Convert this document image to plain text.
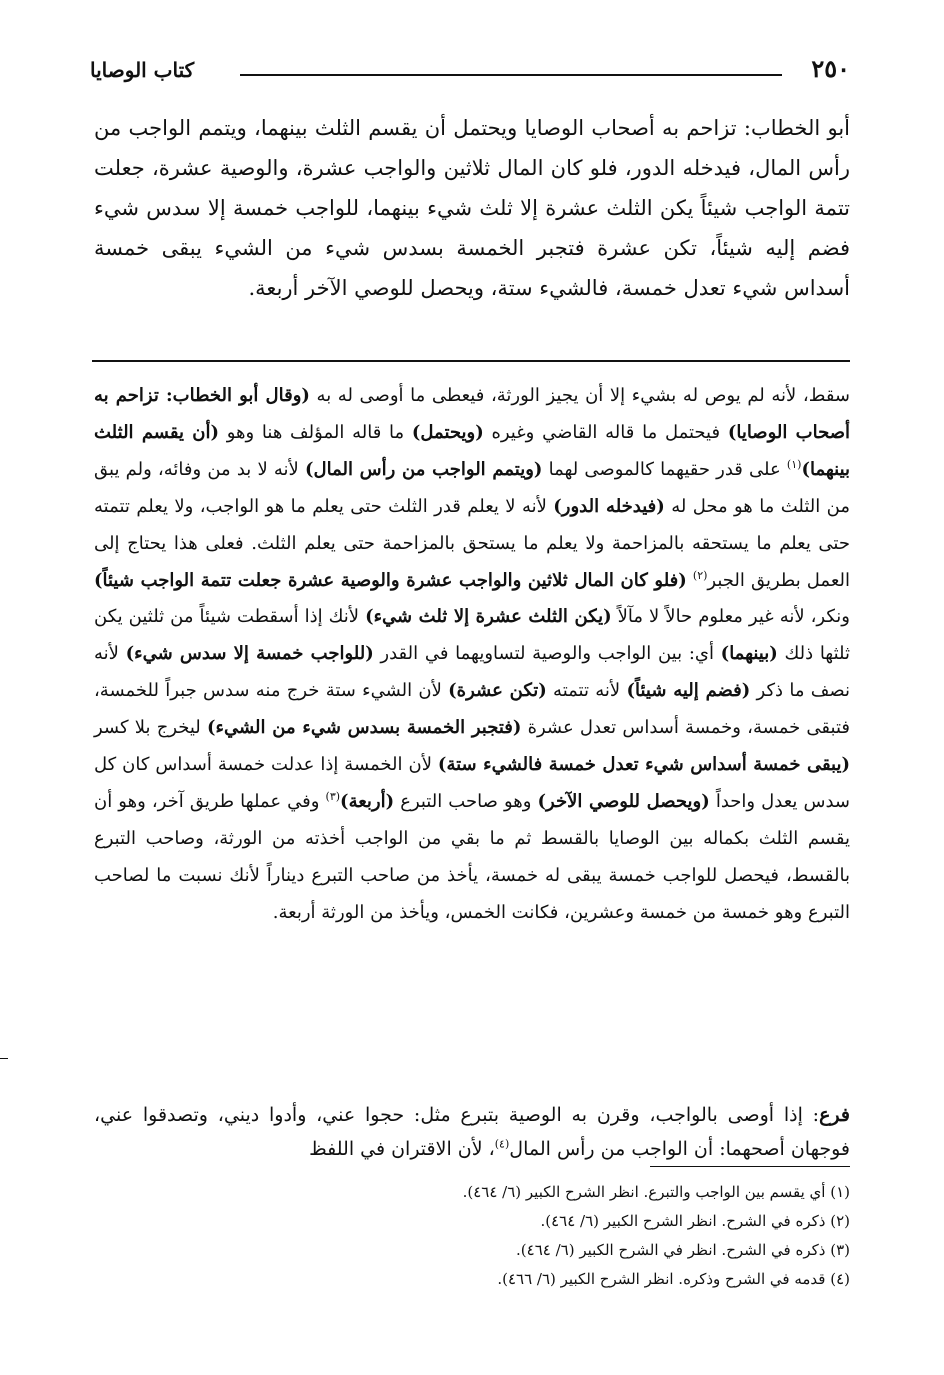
٢٥٠
كتاب الوصايا
أبو الخطاب: تزاحم به أصحاب الوصايا ويحتمل أن يقسم الثلث بينهما، ويتمم الواجب من رأس المال، فيدخله الدور، فلو كان المال ثلاثين والواجب عشرة، والوصية عشرة، جعلت تتمة الواجب شيئاً يكن الثلث عشرة إلا ثلث شيء بينهما، للواجب خمسة إلا سدس شيء فضم إليه شيئاً، تكن عشرة فتجبر الخمسة بسدس شيء من الشيء يبقى خمسة أسداس شيء تعدل خمسة، فالشيء ستة، ويحصل للوصي الآخر أربعة.
سقط، لأنه لم يوص له بشيء إلا أن يجيز الورثة، فيعطى ما أوصى له به (وقال أبو الخطاب: تزاحم به أصحاب الوصايا) فيحتمل ما قاله القاضي وغيره (ويحتمل) ما قاله المؤلف هنا وهو (أن يقسم الثلث بينهما)$^{(١)}$ على قدر حقيهما كالموصى لهما (ويتمم الواجب من رأس المال) لأنه لا بد من وفائه، ولم يبق من الثلث ما هو محل له (فيدخله الدور) لأنه لا يعلم قدر الثلث حتى يعلم ما هو الواجب، ولا يعلم تتمته حتى يعلم ما يستحقه بالمزاحمة ولا يعلم ما يستحق بالمزاحمة حتى يعلم الثلث. فعلى هذا يحتاج إلى العمل بطريق الجبر$^{(٢)}$ (فلو كان المال ثلاثين والواجب عشرة والوصية عشرة جعلت تتمة الواجب شيئاً) ونكر، لأنه غير معلوم حالاً لا مآلاً (يكن الثلث عشرة إلا ثلث شيء) لأنك إذا أسقطت شيئاً من ثلثين يكن ثلثها ذلك (بينهما) أي: بين الواجب والوصية لتساويهما في القدر (للواجب خمسة إلا سدس شيء) لأنه نصف ما ذكر (فضم إليه شيئاً) لأنه تتمته (تكن عشرة) لأن الشيء ستة خرج منه سدس جبراً للخمسة، فتبقى خمسة، وخمسة أسداس تعدل عشرة (فتجبر الخمسة بسدس شيء من الشيء) ليخرج بلا كسر (يبقى خمسة أسداس شيء تعدل خمسة فالشيء ستة) لأن الخمسة إذا عدلت خمسة أسداس كان كل سدس يعدل واحداً (ويحصل للوصي الآخر) وهو صاحب التبرع (أربعة)$^{(٣)}$ وفي عملها طريق آخر، وهو أن يقسم الثلث بكماله بين الوصايا بالقسط ثم ما بقي من الواجب أخذته من الورثة، وصاحب التبرع بالقسط، فيحصل للواجب خمسة يبقى له خمسة، يأخذ من صاحب التبرع ديناراً لأنك نسبت ما لصاحب التبرع وهو خمسة من خمسة وعشرين، فكانت الخمس، ويأخذ من الورثة أربعة.
فرع: إذا أوصى بالواجب، وقرن به الوصية بتبرع مثل: حجوا عني، وأدوا ديني، وتصدقوا عني، فوجهان أصحهما: أن الواجب من رأس المال$^{(٤)}$، لأن الاقتران في اللفظ
(١) أي يقسم بين الواجب والتبرع. انظر الشرح الكبير (٦/ ٤٦٤).
(٢) ذكره في الشرح. انظر الشرح الكبير (٦/ ٤٦٤).
(٣) ذكره في الشرح. انظر في الشرح الكبير (٦/ ٤٦٤).
(٤) قدمه في الشرح وذكره. انظر الشرح الكبير (٦/ ٤٦٦).
